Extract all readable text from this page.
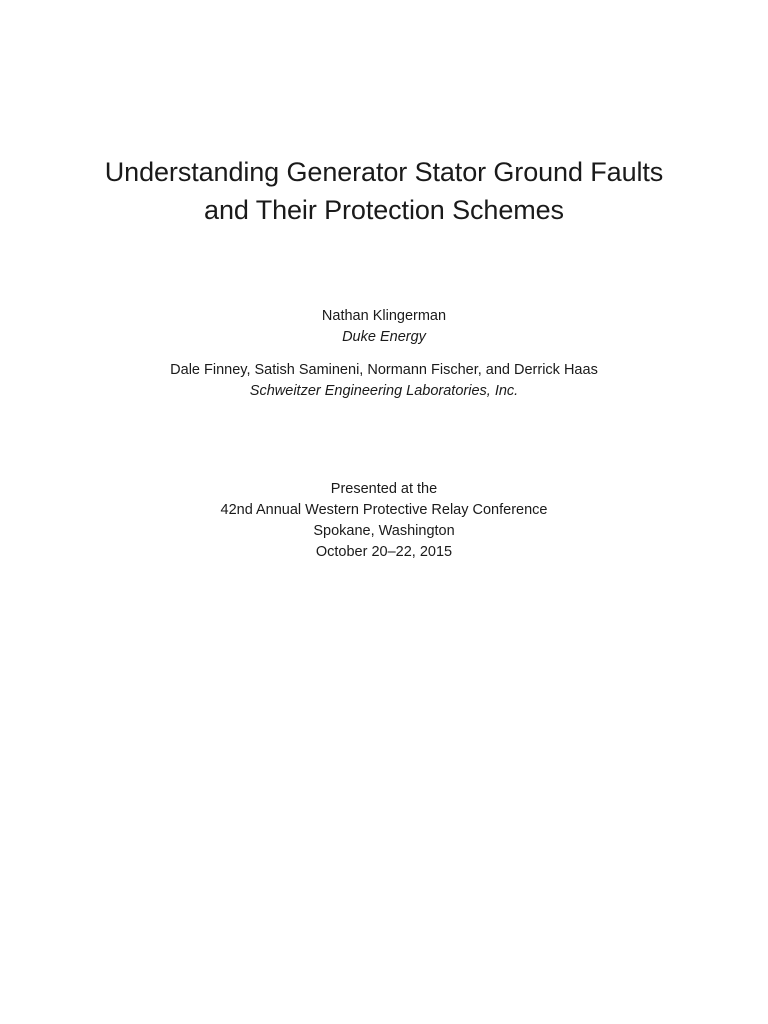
Understanding Generator Stator Ground Faults
and Their Protection Schemes
Nathan Klingerman
Duke Energy
Dale Finney, Satish Samineni, Normann Fischer, and Derrick Haas
Schweitzer Engineering Laboratories, Inc.
Presented at the
42nd Annual Western Protective Relay Conference
Spokane, Washington
October 20–22, 2015
